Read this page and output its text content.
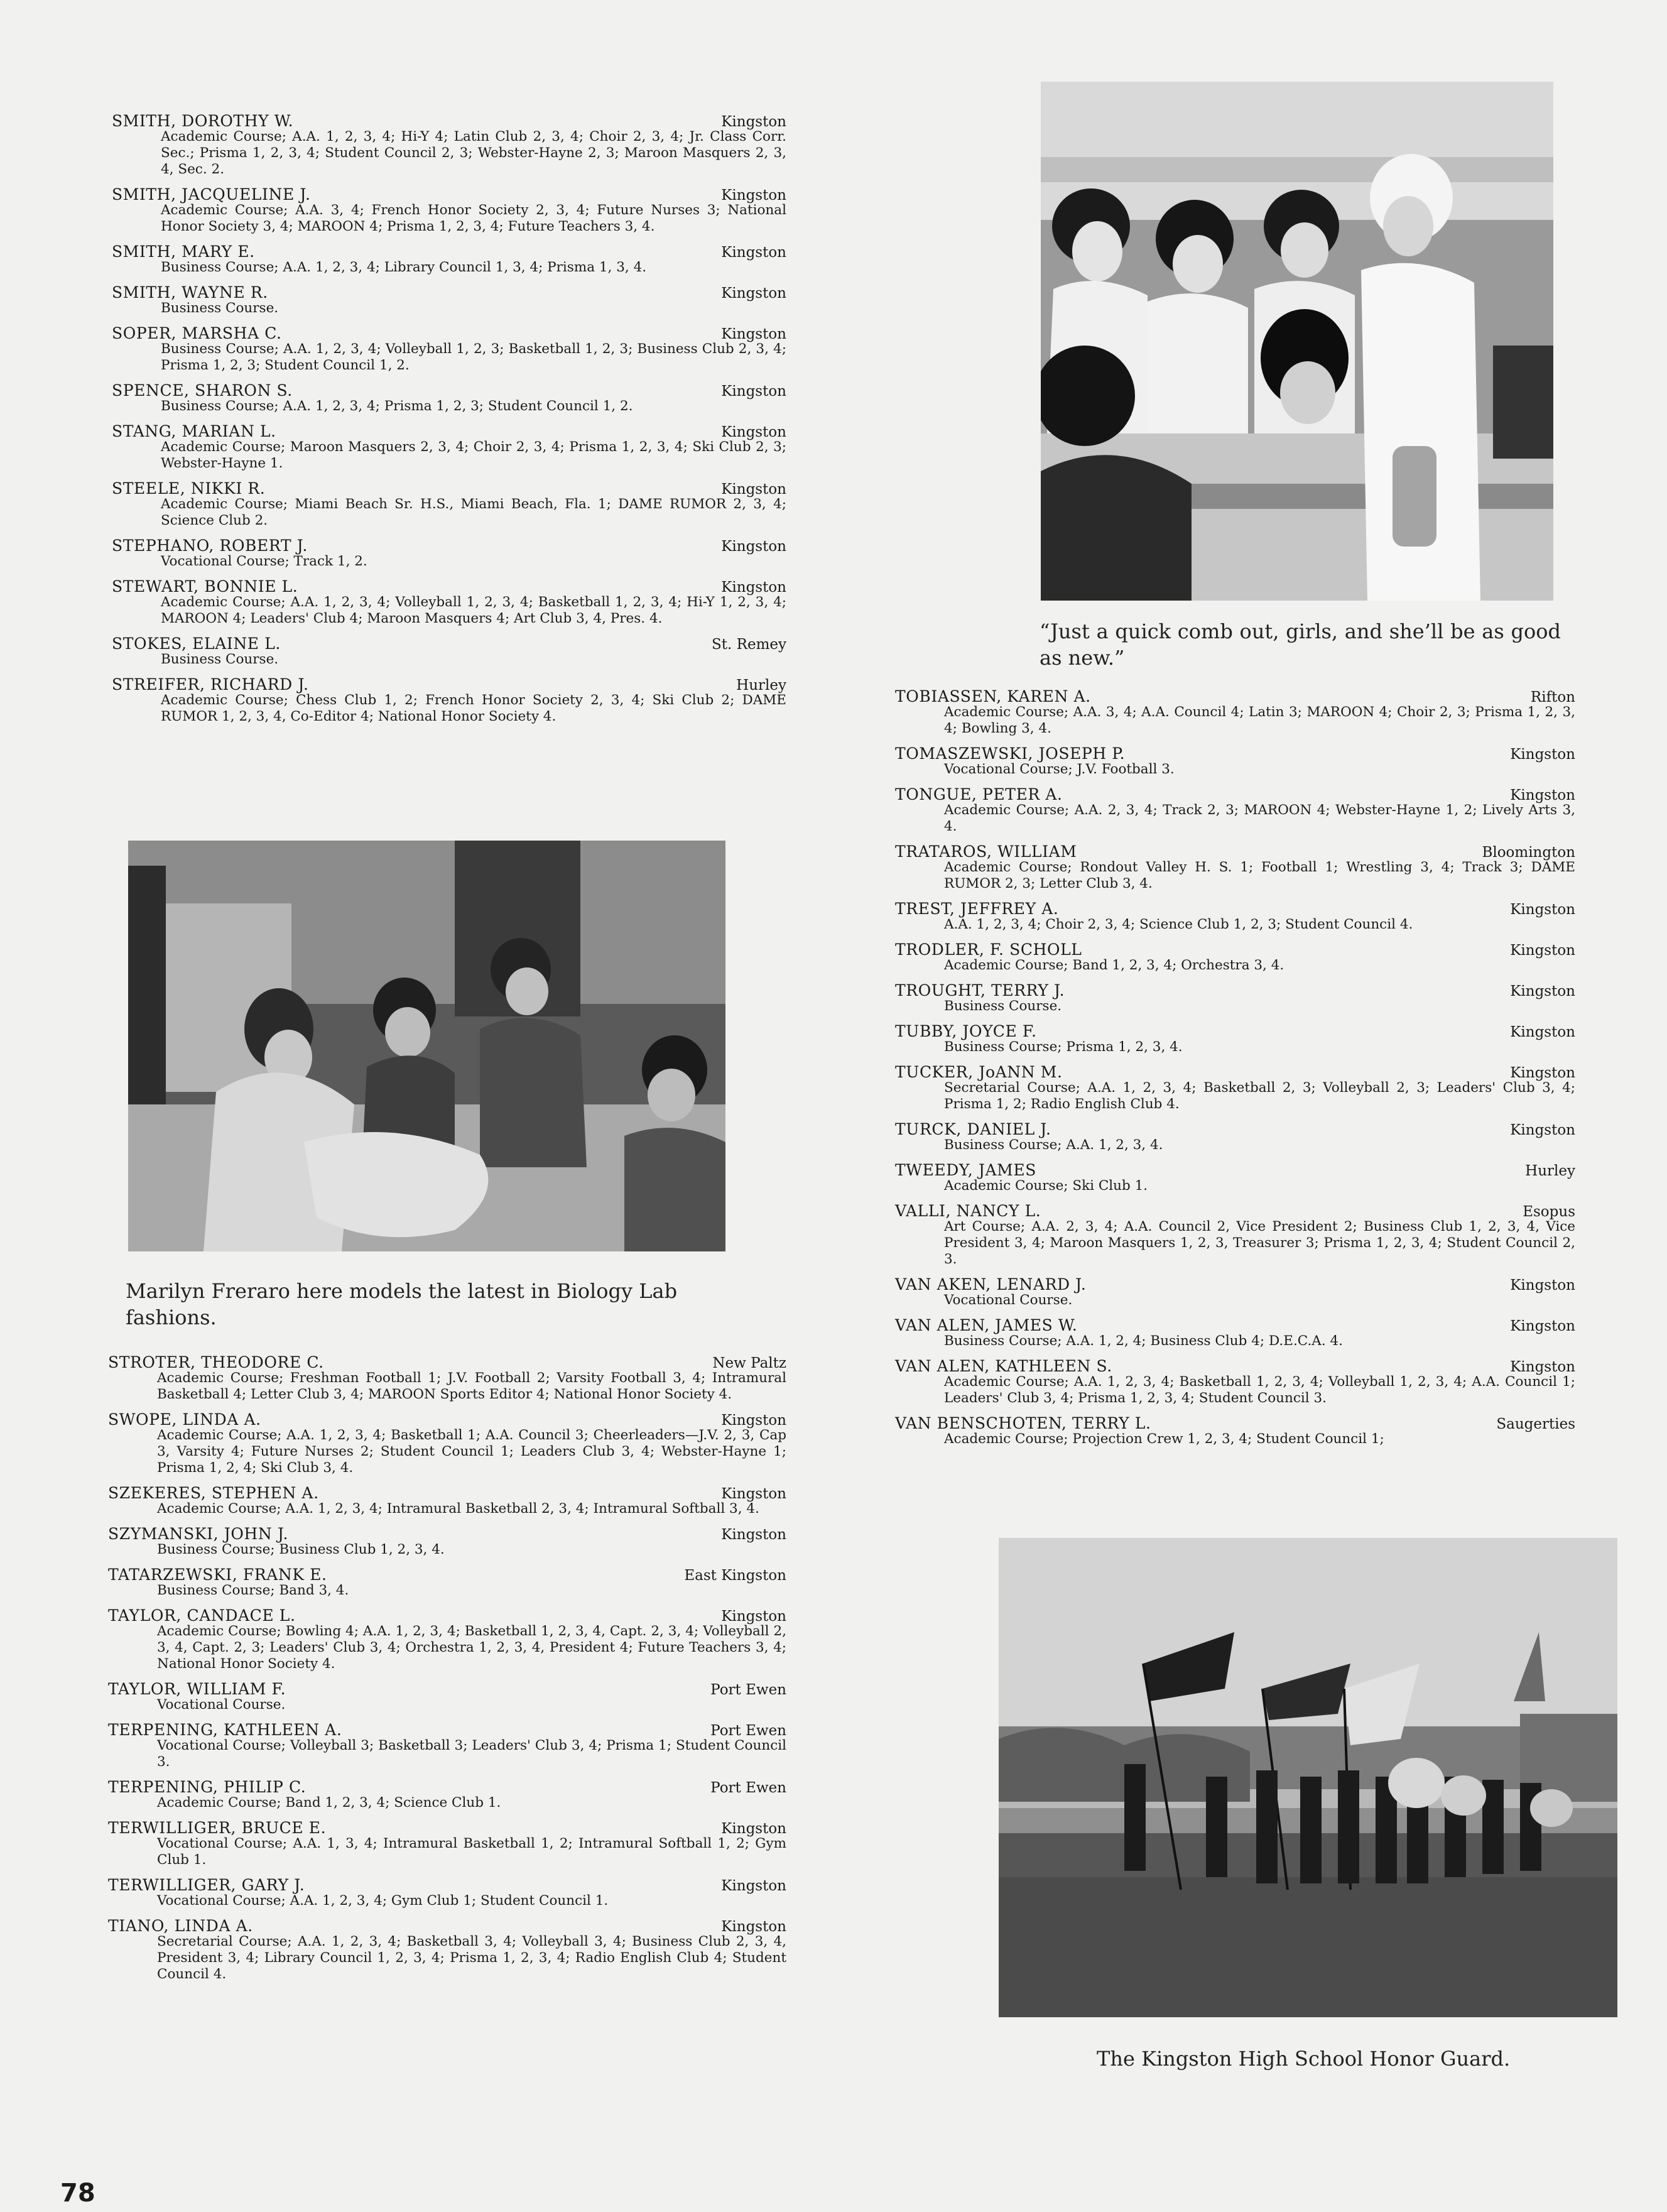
SMITH, DOROTHY W.	Kingston
Academic Course; A.A. 1, 2, 3, 4; Hi-Y 4; Latin Club 2, 3, 4; Choir 2, 3, 4; Jr. Class Corr. Sec.; Prisma 1, 2, 3, 4; Student Council 2, 3; Webster-Hayne 2, 3; Maroon Masquers 2, 3, 4, Sec. 2.
SMITH, JACQUELINE J.	Kingston
Academic Course; A.A. 3, 4; French Honor Society 2, 3, 4; Future Nurses 3; National Honor Society 3, 4; MAROON 4; Prisma 1, 2, 3, 4; Future Teachers 3, 4.
SMITH, MARY E.	Kingston
Business Course; A.A. 1, 2, 3, 4; Library Council 1, 3, 4; Prisma 1, 3, 4.
SMITH, WAYNE R.	Kingston
Business Course.
SOPER, MARSHA C.	Kingston
Business Course; A.A. 1, 2, 3, 4; Volleyball 1, 2, 3; Basketball 1, 2, 3; Business Club 2, 3, 4; Prisma 1, 2, 3; Student Council 1, 2.
SPENCE, SHARON S.	Kingston
Business Course; A.A. 1, 2, 3, 4; Prisma 1, 2, 3; Student Council 1, 2.
STANG, MARIAN L.	Kingston
Academic Course; Maroon Masquers 2, 3, 4; Choir 2, 3, 4; Prisma 1, 2, 3, 4; Ski Club 2, 3; Webster-Hayne 1.
STEELE, NIKKI R.	Kingston
Academic Course; Miami Beach Sr. H.S., Miami Beach, Fla. 1; DAME RUMOR 2, 3, 4; Science Club 2.
STEPHANO, ROBERT J.	Kingston
Vocational Course; Track 1, 2.
STEWART, BONNIE L.	Kingston
Academic Course; A.A. 1, 2, 3, 4; Volleyball 1, 2, 3, 4; Basketball 1, 2, 3, 4; Hi-Y 1, 2, 3, 4; MAROON 4; Leaders' Club 4; Maroon Masquers 4; Art Club 3, 4, Pres. 4.
STOKES, ELAINE L.	St. Remey
Business Course.
STREIFER, RICHARD J.	Hurley
Academic Course; Chess Club 1, 2; French Honor Society 2, 3, 4; Ski Club 2; DAME RUMOR 1, 2, 3, 4, Co-Editor 4; National Honor Society 4.
Marilyn Freraro here models the latest in Biology Lab fashions.
STROTER, THEODORE C.	New Paltz
Academic Course; Freshman Football 1; J.V. Football 2; Varsity Football 3, 4; Intramural Basketball 4; Letter Club 3, 4; MAROON Sports Editor 4; National Honor Society 4.
SWOPE, LINDA A.	Kingston
Academic Course; A.A. 1, 2, 3, 4; Basketball 1; A.A. Council 3; Cheerleaders—J.V. 2, 3, Cap 3, Varsity 4; Future Nurses 2; Student Council 1; Leaders Club 3, 4; Webster-Hayne 1; Prisma 1, 2, 4; Ski Club 3, 4.
SZEKERES, STEPHEN A.	Kingston
Academic Course; A.A. 1, 2, 3, 4; Intramural Basketball 2, 3, 4; Intramural Softball 3, 4.
SZYMANSKI, JOHN J.	Kingston
Business Course; Business Club 1, 2, 3, 4.
TATARZEWSKI, FRANK E.	East Kingston
Business Course; Band 3, 4.
TAYLOR, CANDACE L.	Kingston
Academic Course; Bowling 4; A.A. 1, 2, 3, 4; Basketball 1, 2, 3, 4, Capt. 2, 3, 4; Volleyball 2, 3, 4, Capt. 2, 3; Leaders' Club 3, 4; Orchestra 1, 2, 3, 4, President 4; Future Teachers 3, 4; National Honor Society 4.
TAYLOR, WILLIAM F.	Port Ewen
Vocational Course.
TERPENING, KATHLEEN A.	Port Ewen
Vocational Course; Volleyball 3; Basketball 3; Leaders' Club 3, 4; Prisma 1; Student Council 3.
TERPENING, PHILIP C.	Port Ewen
Academic Course; Band 1, 2, 3, 4; Science Club 1.
TERWILLIGER, BRUCE E.	Kingston
Vocational Course; A.A. 1, 3, 4; Intramural Basketball 1, 2; Intramural Softball 1, 2; Gym Club 1.
TERWILLIGER, GARY J.	Kingston
Vocational Course; A.A. 1, 2, 3, 4; Gym Club 1; Student Council 1.
TIANO, LINDA A.	Kingston
Secretarial Course; A.A. 1, 2, 3, 4; Basketball 3, 4; Volleyball 3, 4; Business Club 2, 3, 4, President 3, 4; Library Council 1, 2, 3, 4; Prisma 1, 2, 3, 4; Radio English Club 4; Student Council 4.
“Just a quick comb out, girls, and she’ll be as good as new.”
TOBIASSEN, KAREN A.	Rifton
Academic Course; A.A. 3, 4; A.A. Council 4; Latin 3; MAROON 4; Choir 2, 3; Prisma 1, 2, 3, 4; Bowling 3, 4.
TOMASZEWSKI, JOSEPH P.	Kingston
Vocational Course; J.V. Football 3.
TONGUE, PETER A.	Kingston
Academic Course; A.A. 2, 3, 4; Track 2, 3; MAROON 4; Webster-Hayne 1, 2; Lively Arts 3, 4.
TRATAROS, WILLIAM	Bloomington
Academic Course; Rondout Valley H. S. 1; Football 1; Wrestling 3, 4; Track 3; DAME RUMOR 2, 3; Letter Club 3, 4.
TREST, JEFFREY A.	Kingston
A.A. 1, 2, 3, 4; Choir 2, 3, 4; Science Club 1, 2, 3; Student Council 4.
TRODLER, F. SCHOLL	Kingston
Academic Course; Band 1, 2, 3, 4; Orchestra 3, 4.
TROUGHT, TERRY J.	Kingston
Business Course.
TUBBY, JOYCE F.	Kingston
Business Course; Prisma 1, 2, 3, 4.
TUCKER, JoANN M.	Kingston
Secretarial Course; A.A. 1, 2, 3, 4; Basketball 2, 3; Volleyball 2, 3; Leaders' Club 3, 4; Prisma 1, 2; Radio English Club 4.
TURCK, DANIEL J.	Kingston
Business Course; A.A. 1, 2, 3, 4.
TWEEDY, JAMES	Hurley
Academic Course; Ski Club 1.
VALLI, NANCY L.	Esopus
Art Course; A.A. 2, 3, 4; A.A. Council 2, Vice President 2; Business Club 1, 2, 3, 4, Vice President 3, 4; Maroon Masquers 1, 2, 3, Treasurer 3; Prisma 1, 2, 3, 4; Student Council 2, 3.
VAN AKEN, LENARD J.	Kingston
Vocational Course.
VAN ALEN, JAMES W.	Kingston
Business Course; A.A. 1, 2, 4; Business Club 4; D.E.C.A. 4.
VAN ALEN, KATHLEEN S.	Kingston
Academic Course; A.A. 1, 2, 3, 4; Basketball 1, 2, 3, 4; Volleyball 1, 2, 3, 4; A.A. Council 1; Leaders' Club 3, 4; Prisma 1, 2, 3, 4; Student Council 3.
VAN BENSCHOTEN, TERRY L.	Saugerties
Academic Course; Projection Crew 1, 2, 3, 4; Student Council 1;
The Kingston High School Honor Guard.
78
